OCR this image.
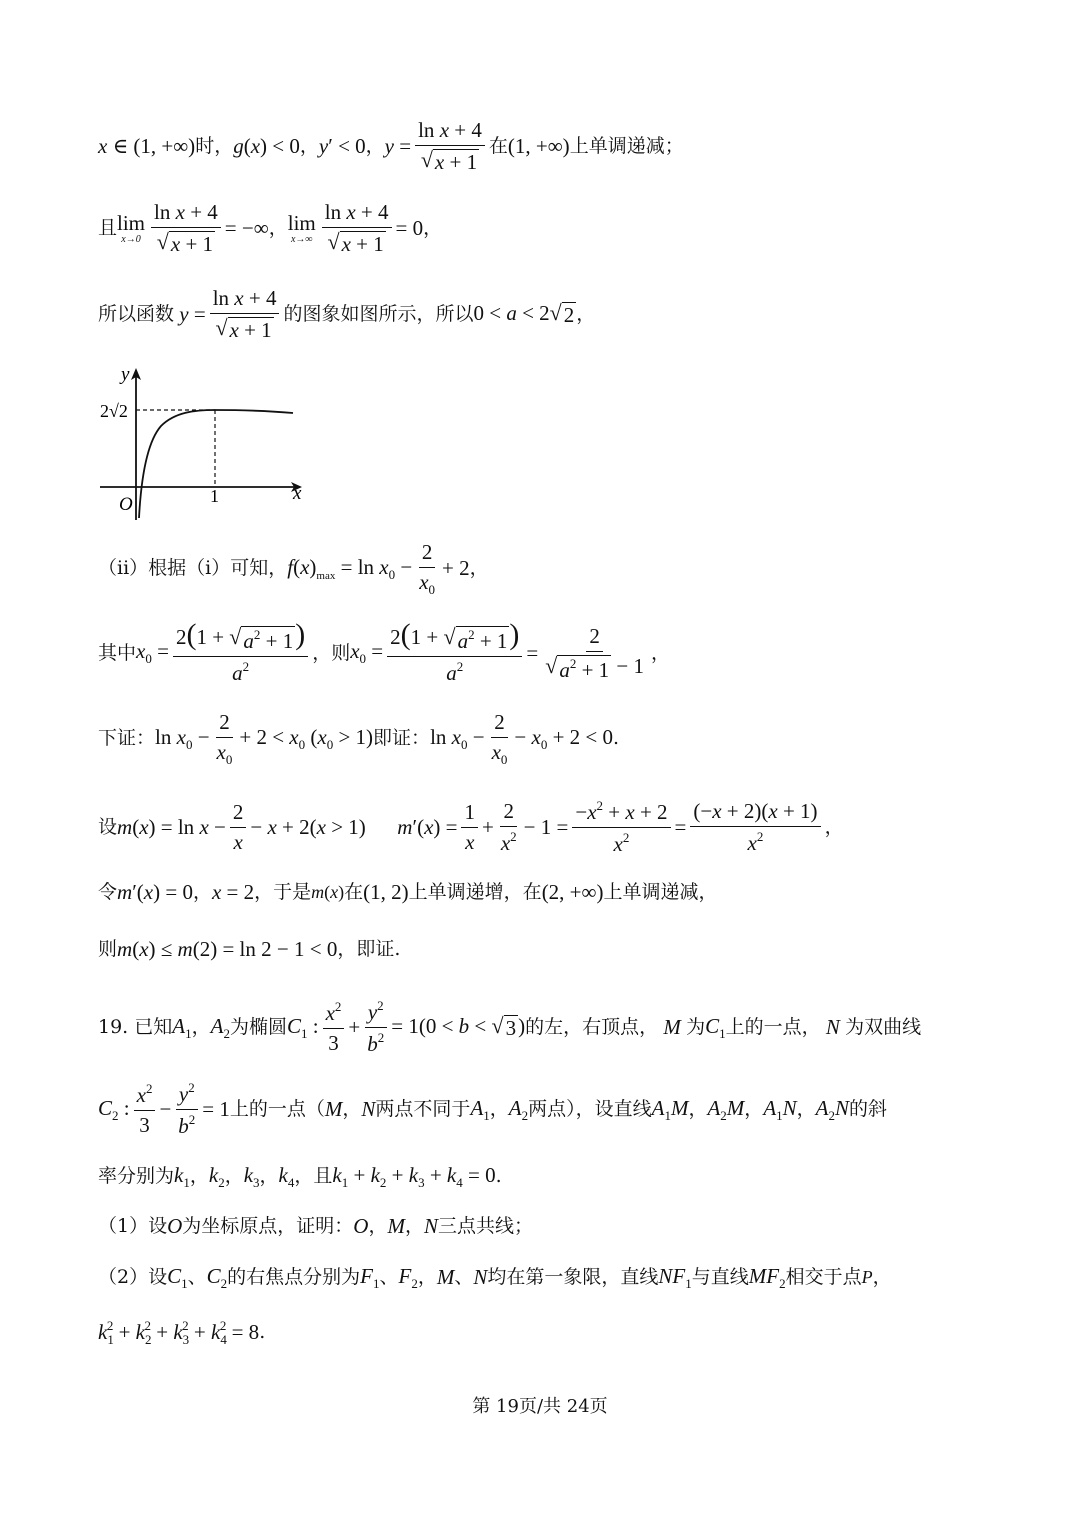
x ∈ (1, +∞) 时， g(x) < 0 ， y′ < 0 ， $y = \frac{\text{ln x + 4}}{√ x + 1}$ 在 (1, +∞) 上单调递减；
且 lim
$x\to 0 \frac{\text{ln x + 4}}{√ x + 1}$ = −∞ ， lim
$x\to\infty \frac{\text{ln x + 4}}{√ x + 1} = 0$ ，
所以函数 $y = \frac{\text{ln x + 4}}{√ x + 1}$ 的图象如图所示，所以 0 < a < 2 √ 2 ，
y
x
O	1
2√2
（ii）根据（i）可知， $f(x)_{max} = \ln x_0 - \frac{2}{x_0} + 2$ ，
其中 $x_0 = \frac{2(1 + √ a^2 + 1 )}{a^2}$ ，则 $x_0 = \frac{2(1 + √ a^2 + 1 )}{a^2} = \frac{2}{√ a^2 + 1 - 1}$ ，
下证： $\ln x_0 - \frac{2}{x_0} + 2 < x_0$ $(x_0 > 1)$ 即证： $\ln x_0 - \frac{2}{x_0} - x_0 + 2 < 0$ .
设 $m(x) = \ln x - \frac{2}{x} - x + 2(x > 1)$      $m'(x) = \frac{1}{x} + \frac{2}{x^2} - 1 = \frac{-x^2 + x + 2}{x^2} = \frac{(-x + 2)(x + 1)}{x^2}$ ，
令 m′(x) = 0 ， x = 2 ，于是 m(x) 在 (1, 2) 上单调递增，在 (2, +∞) 上单调递减，
则 m(x) ≤ m(2) = ln 2 − 1 < 0 ，即证.
19. 已知 $A_1$ ， $A_2$ 为椭圆 $C_1$ : $\frac{x^2}{3} + \frac{y^2}{b^2} = 1(0 < b$ < √ 3 ) 的左，右顶点， M 为 $C_1$ 上的一点， N 为双曲线
$C_2$ : $\frac{x^2}{3} - \frac{y^2}{b^2} = 1$ 上的一点（ M ， N 两点不同于 $A_1$ ， $A_2$ 两点），设直线 $A_1M$ ， $A_2M$ ， $A_1N$ ， $A_2N$ 的斜
率分别为 $k_1$ ， $k_2$ ， $k_3$ ， $k_4$ ，且 $k_1 + k_2 + k_3 + k_4 = 0$ .
（1）设 O 为坐标原点，证明： O ， M ， N 三点共线；
（2）设 $C_1$ 、 $C_2$ 的右焦点分别为 $F_1$ 、 $F_2$ ， M 、 N 均在第一象限，直线 $NF_1$ 与直线 $MF_2$ 相交于点 P ，
$k_1^2 + k_2^2 + k_3^2 + k_4^2 = 8$ .
第 19页/共 24页
